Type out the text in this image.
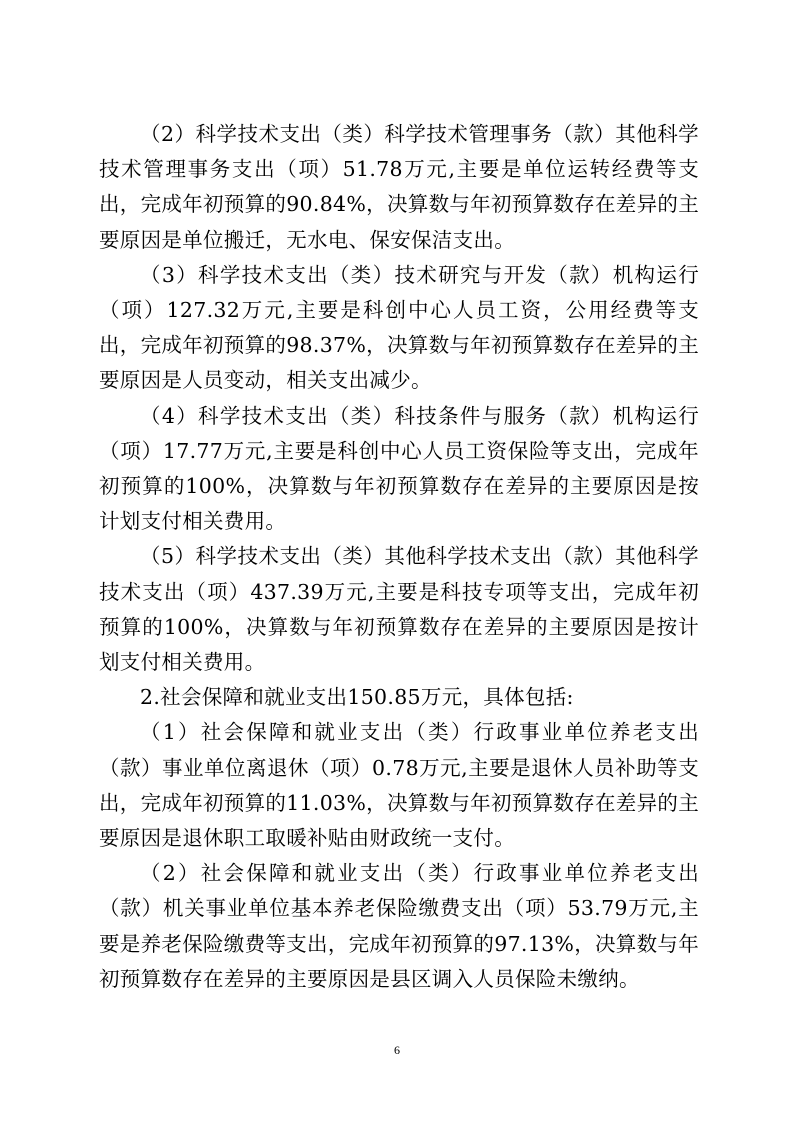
（2）科学技术支出（类）科学技术管理事务（款）其他科学技术管理事务支出（项）51.78万元,主要是单位运转经费等支出，完成年初预算的90.84%，决算数与年初预算数存在差异的主要原因是单位搬迁，无水电、保安保洁支出。

（3）科学技术支出（类）技术研究与开发（款）机构运行（项）127.32万元,主要是科创中心人员工资，公用经费等支出，完成年初预算的98.37%，决算数与年初预算数存在差异的主要原因是人员变动，相关支出减少。

（4）科学技术支出（类）科技条件与服务（款）机构运行（项）17.77万元,主要是科创中心人员工资保险等支出，完成年初预算的100%，决算数与年初预算数存在差异的主要原因是按计划支付相关费用。

（5）科学技术支出（类）其他科学技术支出（款）其他科学技术支出（项）437.39万元,主要是科技专项等支出，完成年初预算的100%，决算数与年初预算数存在差异的主要原因是按计划支付相关费用。

2.社会保障和就业支出150.85万元，具体包括:

（1）社会保障和就业支出（类）行政事业单位养老支出（款）事业单位离退休（项）0.78万元,主要是退休人员补助等支出，完成年初预算的11.03%，决算数与年初预算数存在差异的主要原因是退休职工取暖补贴由财政统一支付。

（2）社会保障和就业支出（类）行政事业单位养老支出（款）机关事业单位基本养老保险缴费支出（项）53.79万元,主要是养老保险缴费等支出，完成年初预算的97.13%，决算数与年初预算数存在差异的主要原因是县区调入人员保险未缴纳。

6
